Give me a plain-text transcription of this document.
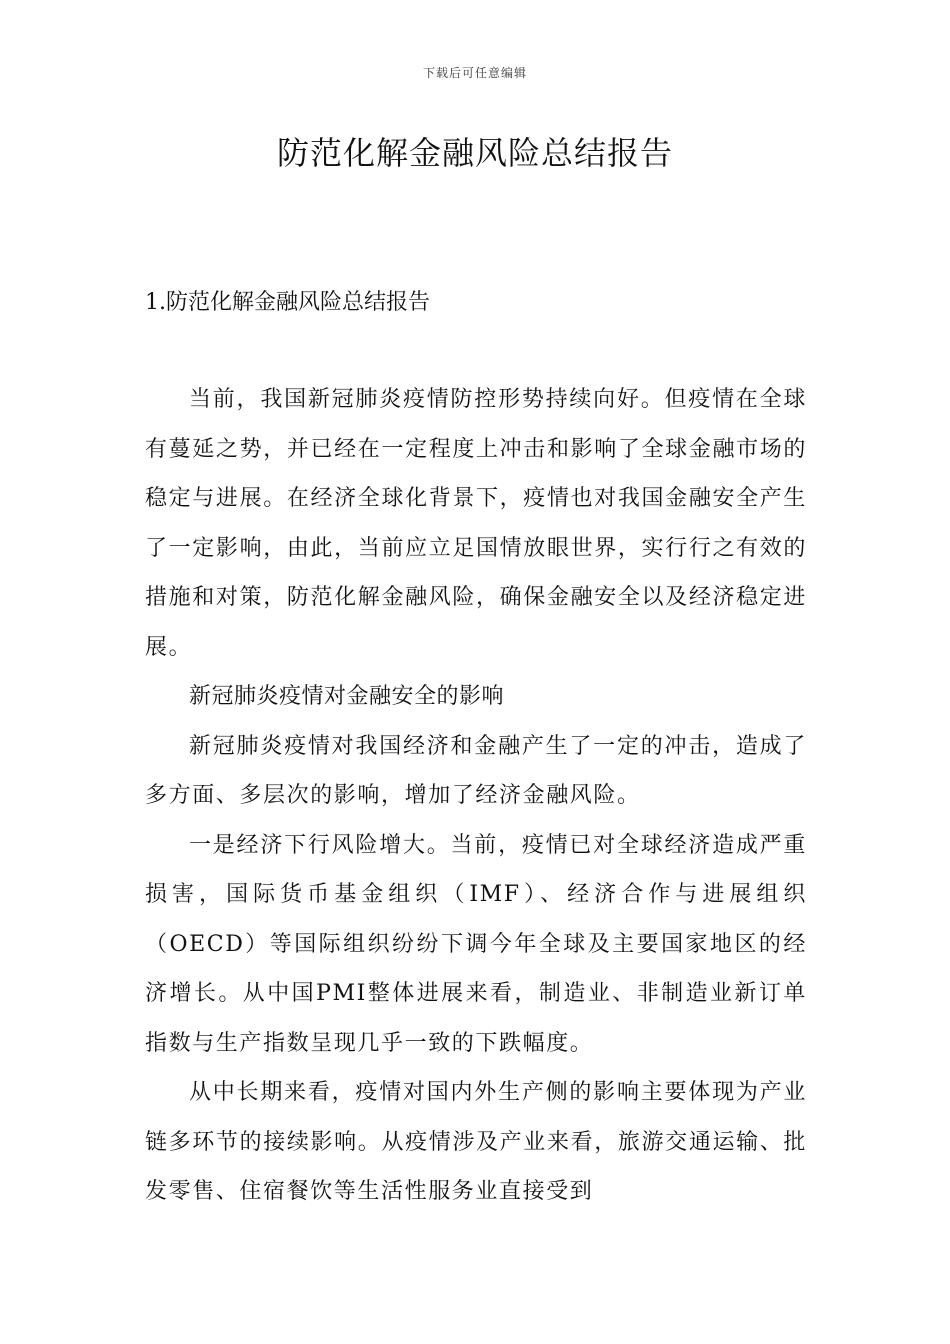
下载后可任意编辑
防范化解金融风险总结报告
1.防范化解金融风险总结报告

当前，我国新冠肺炎疫情防控形势持续向好。但疫情在全球有蔓延之势，并已经在一定程度上冲击和影响了全球金融市场的稳定与进展。在经济全球化背景下，疫情也对我国金融安全产生了一定影响，由此，当前应立足国情放眼世界，实行行之有效的措施和对策，防范化解金融风险，确保金融安全以及经济稳定进展。

新冠肺炎疫情对金融安全的影响

新冠肺炎疫情对我国经济和金融产生了一定的冲击，造成了多方面、多层次的影响，增加了经济金融风险。

一是经济下行风险增大。当前，疫情已对全球经济造成严重损害，国际货币基金组织（IMF）、经济合作与进展组织（OECD）等国际组织纷纷下调今年全球及主要国家地区的经济增长。从中国PMI整体进展来看，制造业、非制造业新订单指数与生产指数呈现几乎一致的下跌幅度。

从中长期来看，疫情对国内外生产侧的影响主要体现为产业链多环节的接续影响。从疫情涉及产业来看，旅游交通运输、批发零售、住宿餐饮等生活性服务业直接受到
